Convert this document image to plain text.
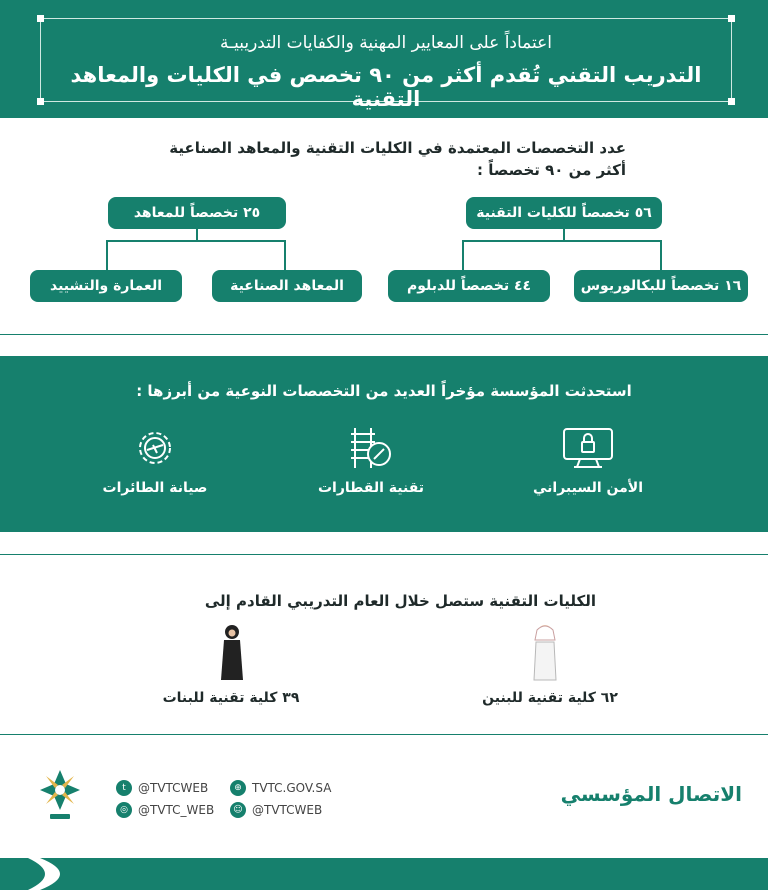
اعتماداً على المعايير المهنية والكفايات التدريبيـة
التدريب التقني تُقدم أكثر من ٩٠ تخصص في الكليات والمعاهد التقنية
عدد التخصصات المعتمدة في الكليات التقنية والمعاهد الصناعية
أكثر من ٩٠ تخصصاً :
٥٦ تخصصاً للكليات التقنية
١٦ تخصصاً للبكالوريوس
٤٤ تخصصاً للدبلوم
٢٥ تخصصاً للمعاهد
المعاهد الصناعية
العمارة والتشييد
استحدثت المؤسسة مؤخراً العديد من التخصصات النوعية من أبرزها :
الأمن السيبراني
تقنية القطارات
صيانة الطائرات
الكليات التقنية ستصل خلال العام التدريبي القادم إلى
٦٢ كلية تقنية للبنين
٣٩ كلية تقنية للبنات
t	@TVTCWEB
◎ @TVTC_WEB
⊕ TVTC.GOV.SA
☺ @TVTCWEB
الاتصال المؤسسي
